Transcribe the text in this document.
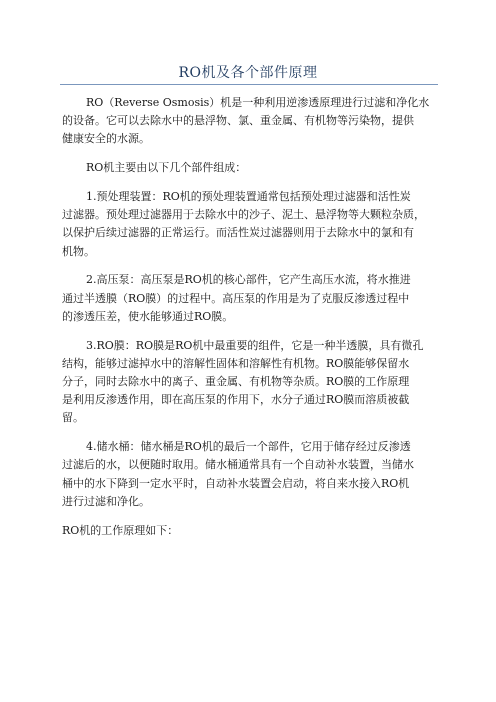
RO机及各个部件原理

RO（Reverse Osmosis）机是一种利用逆渗透原理进行过滤和净化水
的设备。它可以去除水中的悬浮物、氯、重金属、有机物等污染物，提供
健康安全的水源。

RO机主要由以下几个部件组成：

1.预处理装置：RO机的预处理装置通常包括预处理过滤器和活性炭
过滤器。预处理过滤器用于去除水中的沙子、泥土、悬浮物等大颗粒杂质，
以保护后续过滤器的正常运行。而活性炭过滤器则用于去除水中的氯和有
机物。

2.高压泵：高压泵是RO机的核心部件，它产生高压水流，将水推进
通过半透膜（RO膜）的过程中。高压泵的作用是为了克服反渗透过程中
的渗透压差，使水能够通过RO膜。

3.RO膜：RO膜是RO机中最重要的组件，它是一种半透膜，具有微孔
结构，能够过滤掉水中的溶解性固体和溶解性有机物。RO膜能够保留水
分子，同时去除水中的离子、重金属、有机物等杂质。RO膜的工作原理
是利用反渗透作用，即在高压泵的作用下，水分子通过RO膜而溶质被截
留。

4.储水桶：储水桶是RO机的最后一个部件，它用于储存经过反渗透
过滤后的水，以便随时取用。储水桶通常具有一个自动补水装置，当储水
桶中的水下降到一定水平时，自动补水装置会启动，将自来水接入RO机
进行过滤和净化。

RO机的工作原理如下：
